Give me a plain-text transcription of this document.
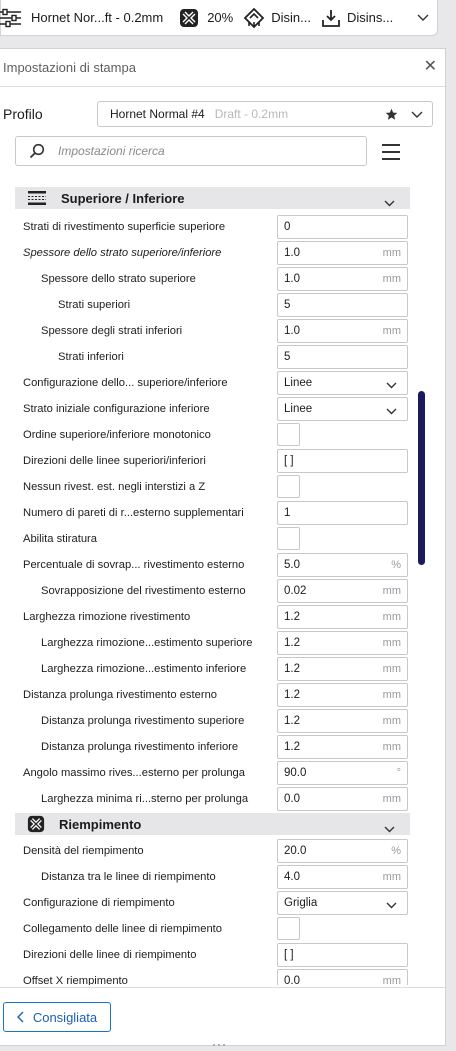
Hornet Nor...ft - 0.2mm	20%	Disin...	Disins...
Impostazioni di stampa	✕
Profilo	Hornet Normal #4 Draft - 0.2mm
Impostazioni ricerca
Superiore / Inferiore
Strati di rivestimento superficie superiore	0
Spessore dello strato superiore/inferiore	1.0	mm
Spessore dello strato superiore	1.0	mm
Strati superiori	5
Spessore degli strati inferiori	1.0	mm
Strati inferiori	5
Configurazione dello... superiore/inferiore	Linee
Strato iniziale configurazione inferiore	Linee
Ordine superiore/inferiore monotonico
Direzioni delle linee superiori/inferiori	[ ]
Nessun rivest. est. negli interstizi a Z
Numero di pareti di r...esterno supplementari	1
Abilita stiratura
Percentuale di sovrap... rivestimento esterno	5.0	%
Sovrapposizione del rivestimento esterno	0.02	mm
Larghezza rimozione rivestimento	1.2	mm
Larghezza rimozione...estimento superiore	1.2	mm
Larghezza rimozione...estimento inferiore	1.2	mm
Distanza prolunga rivestimento esterno	1.2	mm
Distanza prolunga rivestimento superiore	1.2	mm
Distanza prolunga rivestimento inferiore	1.2	mm
Angolo massimo rives...esterno per prolunga	90.0	°
Larghezza minima ri...sterno per prolunga	0.0	mm
Riempimento
Densità del riempimento	20.0	%
Distanza tra le linee di riempimento	4.0	mm
Configurazione di riempimento	Griglia
Collegamento delle linee di riempimento
Direzioni delle linee di riempimento	[ ]
Offset X riempimento	0.0	mm
Consigliata
